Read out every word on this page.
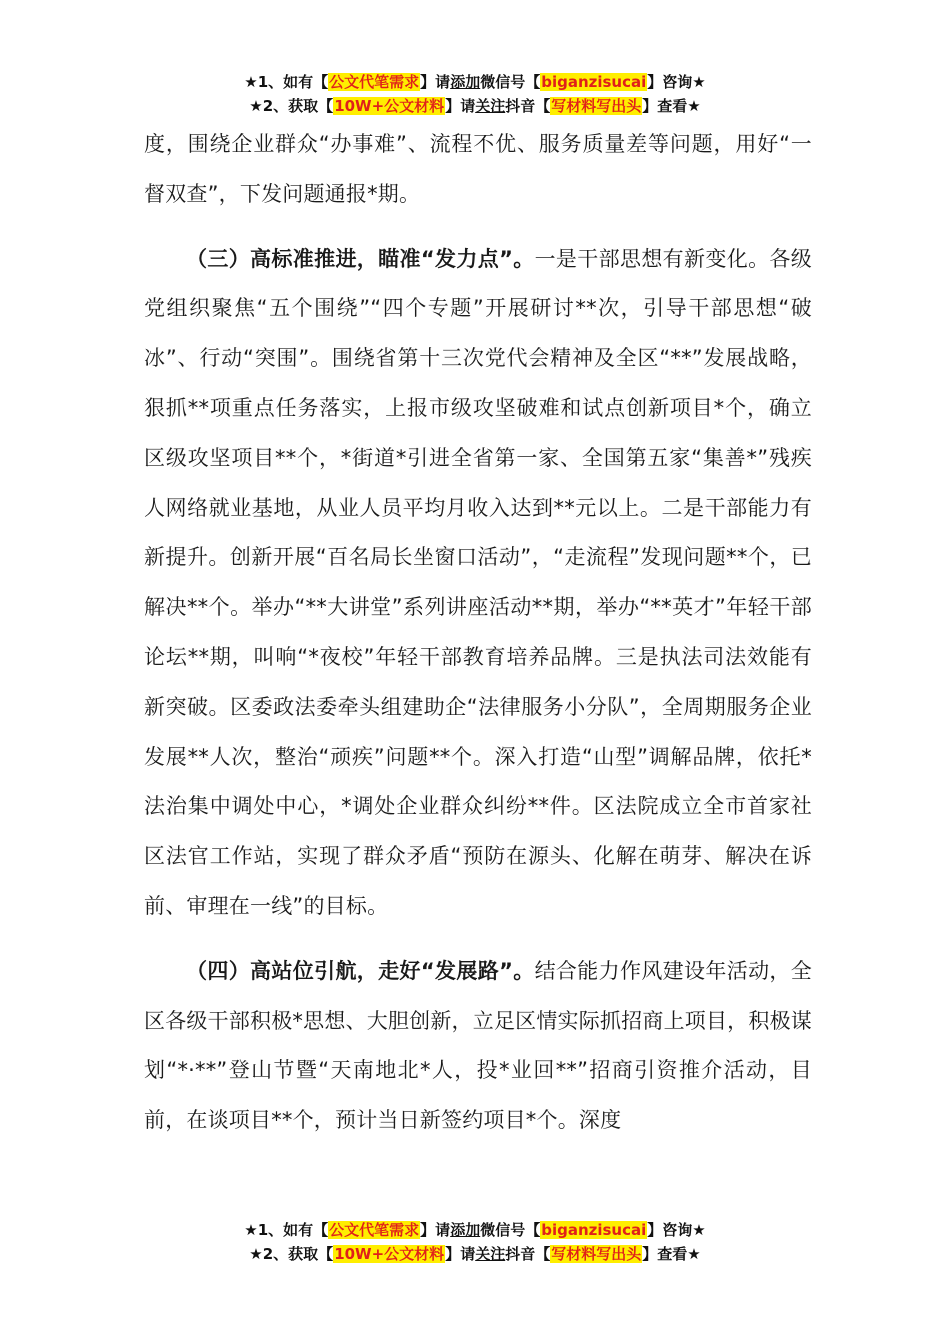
★1、如有【公文代笔需求】请添加微信号【biganzisucai】咨询★
★2、获取【10W+公文材料】请关注抖音【写材料写出头】查看★

度，围绕企业群众“办事难”、流程不优、服务质量差等问题，用好“一督双查”，下发问题通报*期。

（三）高标准推进，瞄准“发力点”。一是干部思想有新变化。各级党组织聚焦“五个围绕”“四个专题”开展研讨**次，引导干部思想“破冰”、行动“突围”。围绕省第十三次党代会精神及全区“**”发展战略，狠抓**项重点任务落实，上报市级攻坚破难和试点创新项目*个，确立区级攻坚项目**个，*街道*引进全省第一家、全国第五家“集善*”残疾人网络就业基地，从业人员平均月收入达到**元以上。二是干部能力有新提升。创新开展“百名局长坐窗口活动”，“走流程”发现问题**个，已解决**个。举办“**大讲堂”系列讲座活动**期，举办“**英才”年轻干部论坛**期，叫响“*夜校”年轻干部教育培养品牌。三是执法司法效能有新突破。区委政法委牵头组建助企“法律服务小分队”，全周期服务企业发展**人次，整治“顽疾”问题**个。深入打造“山型”调解品牌，依托*法治集中调处中心，*调处企业群众纠纷**件。区法院成立全市首家社区法官工作站，实现了群众矛盾“预防在源头、化解在萌芽、解决在诉前、审理在一线”的目标。

（四）高站位引航，走好“发展路”。结合能力作风建设年活动，全区各级干部积极*思想、大胆创新，立足区情实际抓招商上项目，积极谋划“*·**”登山节暨“天南地北*人，投*业回**”招商引资推介活动，目前，在谈项目**个，预计当日新签约项目*个。深度

★1、如有【公文代笔需求】请添加微信号【biganzisucai】咨询★
★2、获取【10W+公文材料】请关注抖音【写材料写出头】查看★
